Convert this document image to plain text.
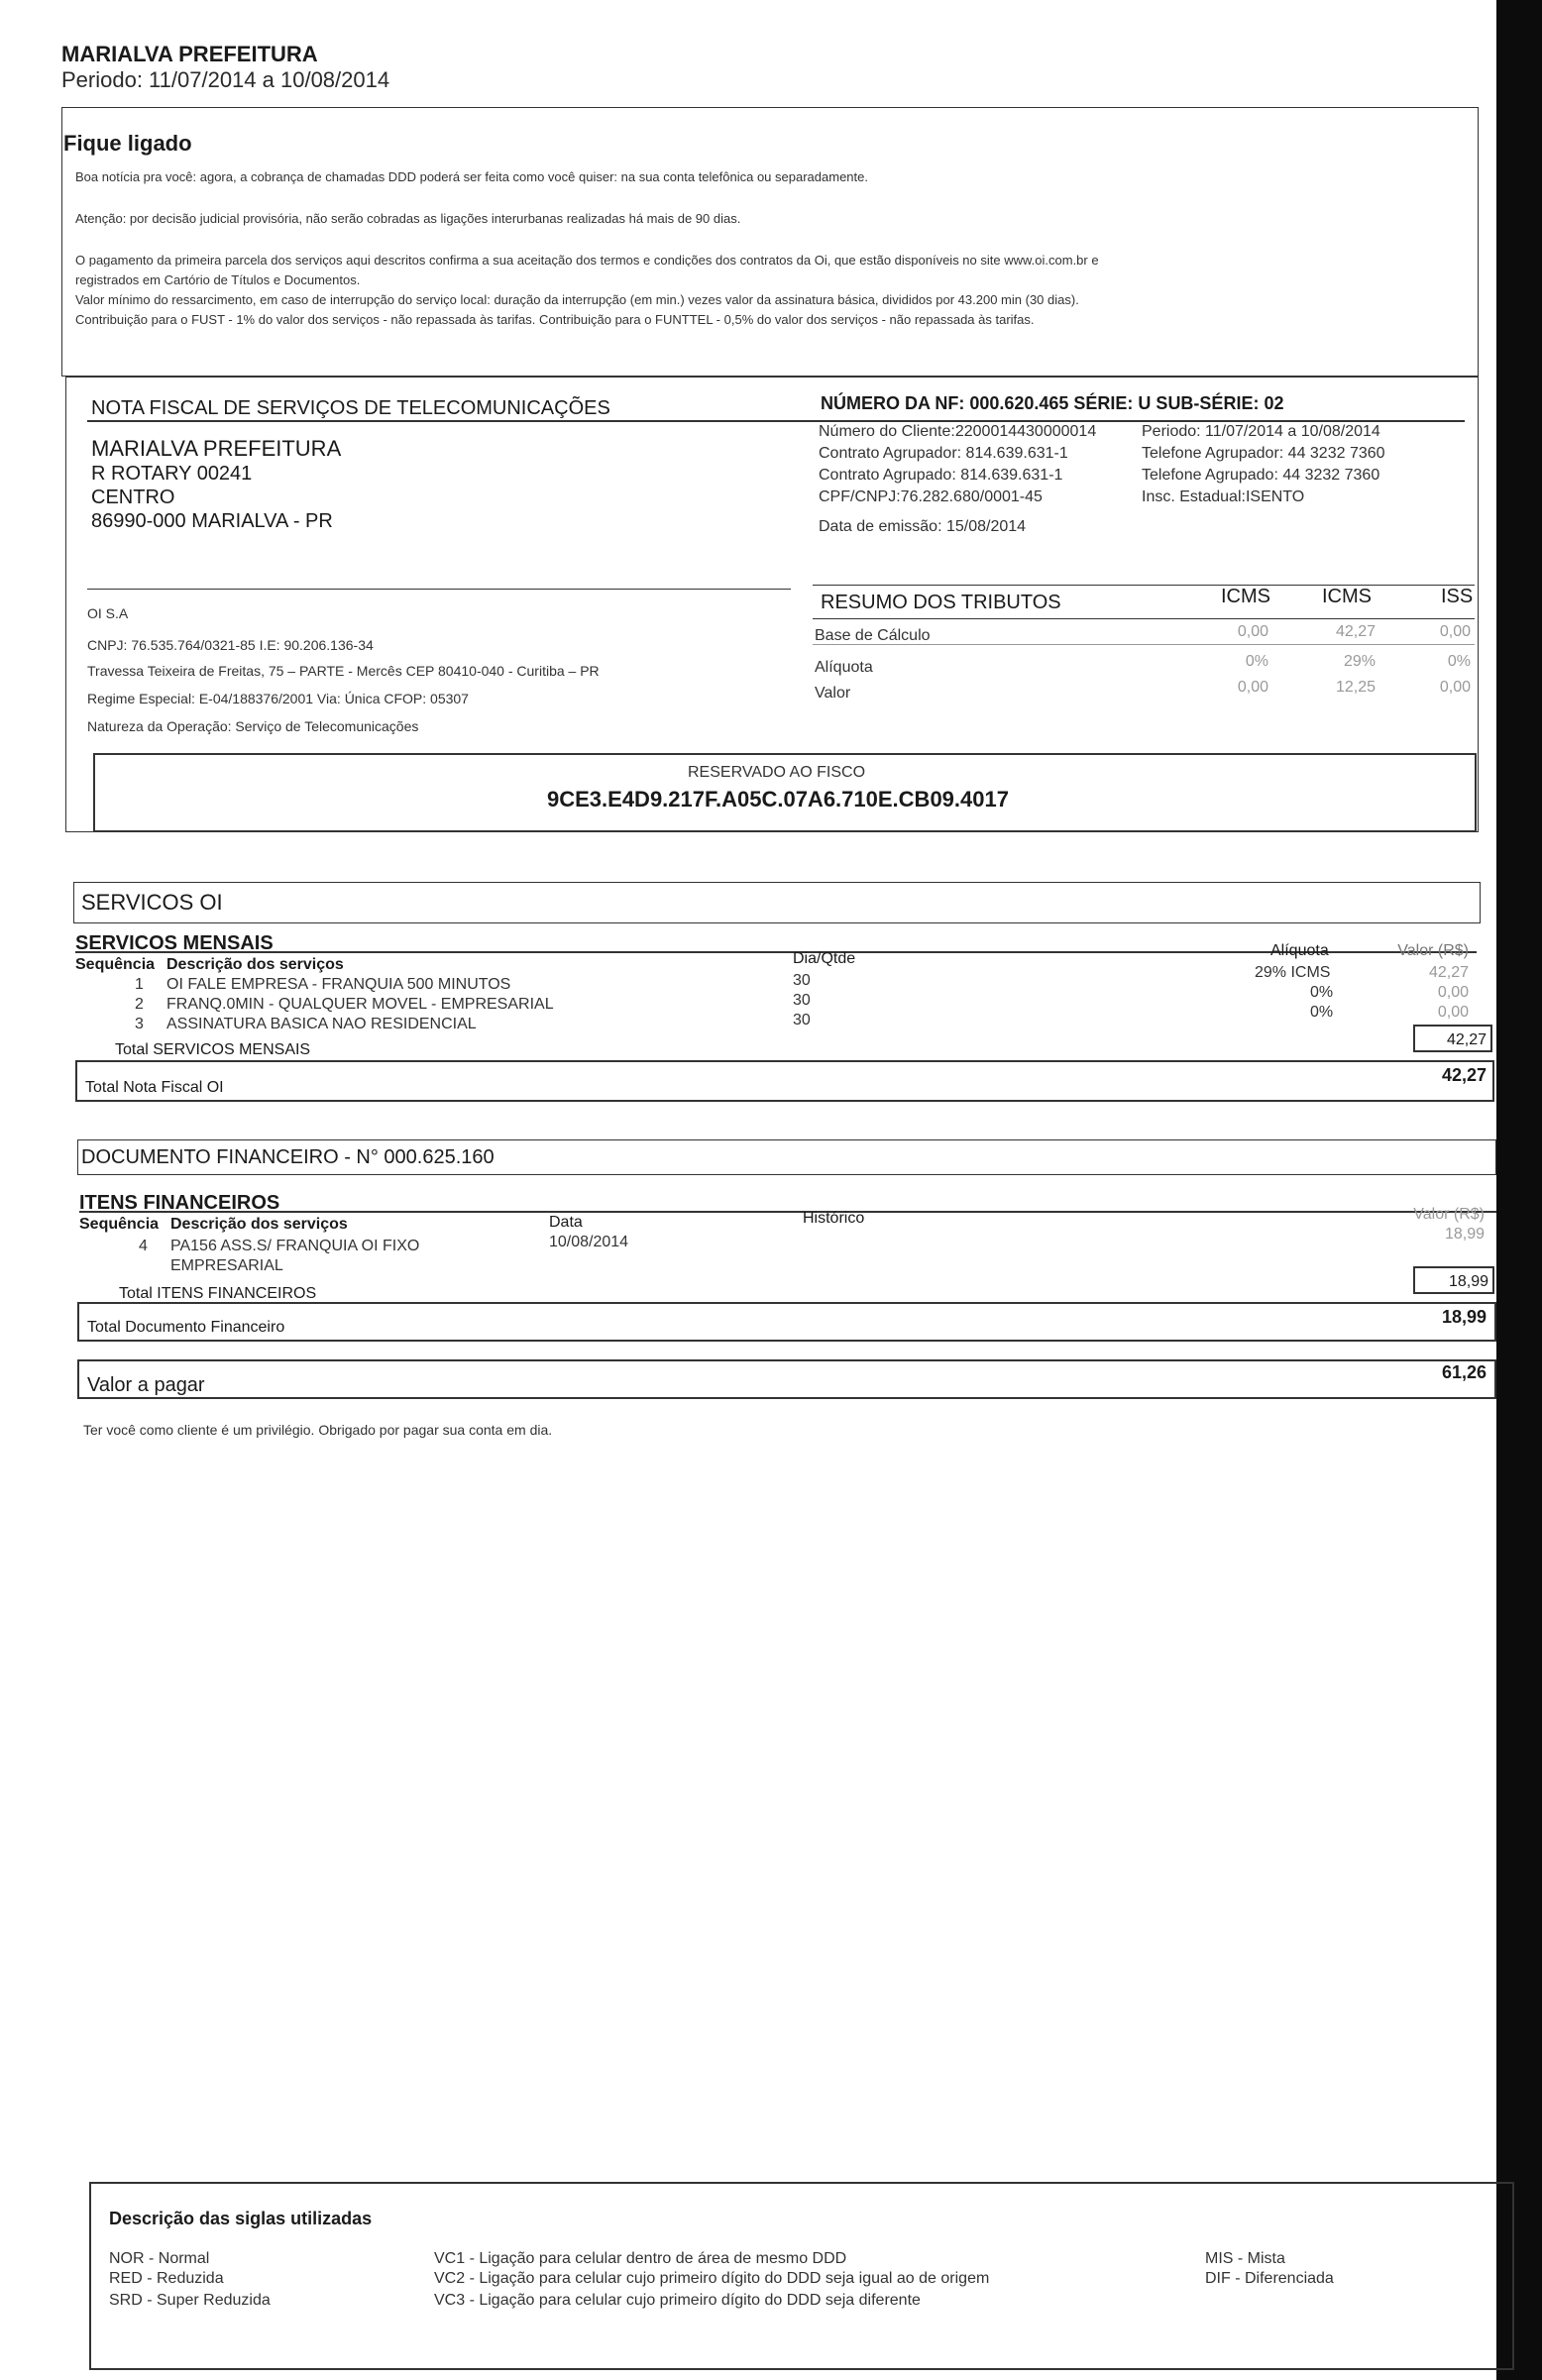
MARIALVA PREFEITURA
Periodo: 11/07/2014 a 10/08/2014
Fique ligado
Boa notícia pra você: agora, a cobrança de chamadas DDD poderá ser feita como você quiser: na sua conta telefônica ou separadamente.
Atenção: por decisão judicial provisória, não serão cobradas as ligações interurbanas realizadas há mais de 90 dias.
O pagamento da primeira parcela dos serviços aqui descritos confirma a sua aceitação dos termos e condições dos contratos da Oi, que estão disponíveis no site www.oi.com.br e
registrados em Cartório de Títulos e Documentos.
Valor mínimo do ressarcimento, em caso de interrupção do serviço local: duração da interrupção (em min.) vezes valor da assinatura básica, divididos por 43.200 min (30 dias).
Contribuição para o FUST - 1% do valor dos serviços - não repassada às tarifas. Contribuição para o FUNTTEL - 0,5% do valor dos serviços - não repassada às tarifas.
NOTA FISCAL DE SERVIÇOS DE TELECOMUNICAÇÕES	NÚMERO DA NF: 000.620.465 SÉRIE: U SUB-SÉRIE: 02
MARIALVA PREFEITURA
R ROTARY 00241
CENTRO
86990-000 MARIALVA - PR
Número do Cliente:2200014430000014
Contrato Agrupador: 814.639.631-1
Contrato Agrupado: 814.639.631-1
CPF/CNPJ:76.282.680/0001-45
Data de emissão: 15/08/2014
Periodo: 11/07/2014 a 10/08/2014
Telefone Agrupador: 44 3232 7360
Telefone Agrupado: 44 3232 7360
Insc. Estadual:ISENTO
OI S.A
CNPJ: 76.535.764/0321-85 I.E: 90.206.136-34
Travessa Teixeira de Freitas, 75 – PARTE - Mercês CEP 80410-040 - Curitiba – PR
Regime Especial: E-04/188376/2001 Via: Única CFOP: 05307
Natureza da Operação: Serviço de Telecomunicações
RESUMO DOS TRIBUTOS	ICMS	ICMS	ISS
Base de Cálculo	0,00	42,27	0,00
Alíquota	0%	29%	0%
Valor	0,00	12,25	0,00
RESERVADO AO FISCO
9CE3.E4D9.217F.A05C.07A6.710E.CB09.4017
SERVICOS OI
SERVICOS MENSAIS
Sequência Descrição dos serviços	Dia/Qtde	Alíquota	Valor (R$)
1 OI FALE EMPRESA - FRANQUIA 500 MINUTOS	30	29% ICMS	42,27
2 FRANQ.0MIN - QUALQUER MOVEL - EMPRESARIAL	30	0%	0,00
3 ASSINATURA BASICA NAO RESIDENCIAL	30	0%	0,00
Total SERVICOS MENSAIS
42,27
Total Nota Fiscal OI
42,27
DOCUMENTO FINANCEIRO - N° 000.625.160
ITENS FINANCEIROS
Sequência Descrição dos serviços	Data	Histórico	Valor (R$)
4 PA156 ASS.S/ FRANQUIA OI FIXO
EMPRESARIAL
10/08/2014	18,99
Total ITENS FINANCEIROS
18,99
Total Documento Financeiro
18,99
Valor a pagar
61,26
Ter você como cliente é um privilégio. Obrigado por pagar sua conta em dia.
Descrição das siglas utilizadas
NOR - Normal
RED - Reduzida
SRD - Super Reduzida
VC1 - Ligação para celular dentro de área de mesmo DDD
VC2 - Ligação para celular cujo primeiro dígito do DDD seja igual ao de origem
VC3 - Ligação para celular cujo primeiro dígito do DDD seja diferente
MIS - Mista
DIF - Diferenciada
